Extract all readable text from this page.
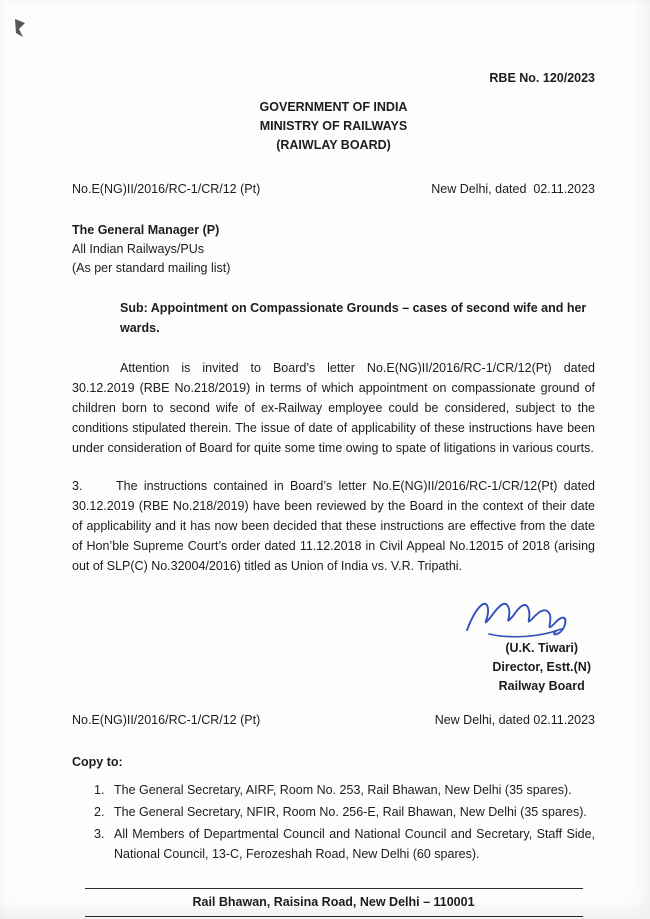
RBE No. 120/2023
GOVERNMENT OF INDIA
MINISTRY OF RAILWAYS
(RAIWLAY BOARD)
No.E(NG)II/2016/RC-1/CR/12 (Pt)	New Delhi, dated  02.11.2023
The General Manager (P)
All Indian Railways/PUs
(As per standard mailing list)
Sub: Appointment on Compassionate Grounds – cases of second wife and her wards.

Attention is invited to Board’s letter No.E(NG)II/2016/RC-1/CR/12(Pt) dated 30.12.2019 (RBE No.218/2019) in terms of which appointment on compassionate ground of children born to second wife of ex-Railway employee could be considered, subject to the conditions stipulated therein. The issue of date of applicability of these instructions have been under consideration of Board for quite some time owing to spate of litigations in various courts.

3.	The instructions contained in Board’s letter No.E(NG)II/2016/RC-1/CR/12(Pt) dated 30.12.2019 (RBE No.218/2019) have been reviewed by the Board in the context of their date of applicability and it has now been decided that these instructions are effective from the date of Hon’ble Supreme Court’s order dated 11.12.2018 in Civil Appeal No.12015 of 2018 (arising out of SLP(C) No.32004/2016) titled as Union of India vs. V.R. Tripathi.

(U.K. Tiwari)
Director, Estt.(N)
Railway Board
No.E(NG)II/2016/RC-1/CR/12 (Pt)	New Delhi, dated 02.11.2023
Copy to:
1. The General Secretary, AIRF, Room No. 253, Rail Bhawan, New Delhi (35 spares).
2. The General Secretary, NFIR, Room No. 256-E, Rail Bhawan, New Delhi (35 spares).
3. All Members of Departmental Council and National Council and Secretary, Staff Side, National Council, 13-C, Ferozeshah Road, New Delhi (60 spares).
Rail Bhawan, Raisina Road, New Delhi – 110001
